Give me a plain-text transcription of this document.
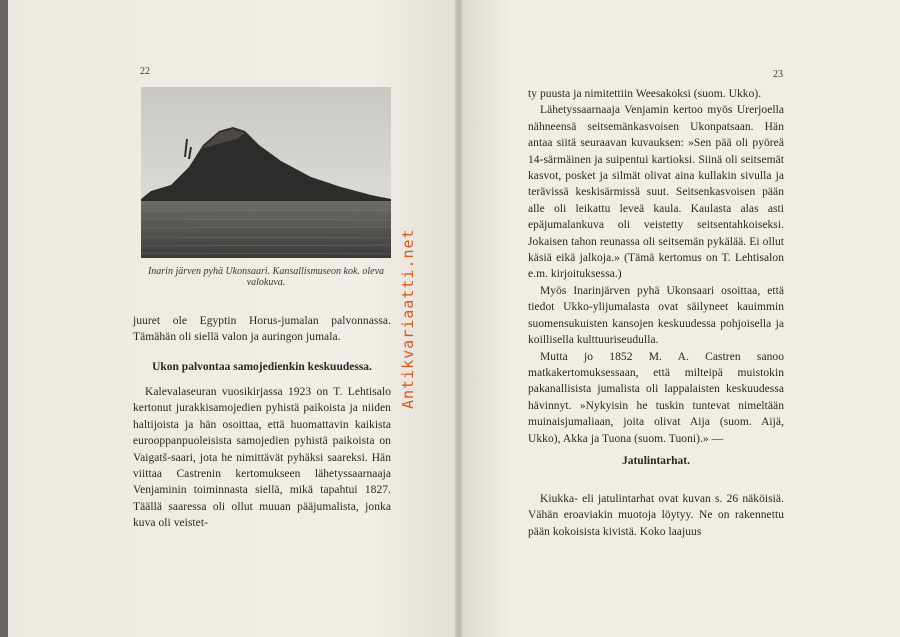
22	23
Inarin järven pyhä Ukonsaari. Kansallismuseon kok. oleva valokuva.

juuret ole Egyptin Horus-jumalan palvonnassa. Tämähän oli siellä valon ja auringon jumala.

Ukon palvontaa samojedienkin keskuudessa.

Kalevalaseuran vuosikirjassa 1923 on T. Lehtisalo kertonut jurakkisamojedien pyhistä paikoista ja niiden haltijoista ja hän osoittaa, että huomattavin kaikista eurooppanpuoleisista samojedien pyhistä paikoista on Vaigatš-saari, jota he nimittävät pyhäksi saareksi. Hän viittaa Castrenin kertomukseen lähetyssaarnaaja Venjaminin toiminnasta siellä, mikä tapahtui 1827. Täällä saaressa oli ollut muuan pääjumalista, jonka kuva oli veistet-

ty puusta ja nimitettiin Weesakoksi (suom. Ukko).

Lähetyssaarnaaja Venjamin kertoo myös Urerjoella nähneensä seitsemänkasvoisen Ukonpatsaan. Hän antaa siitä seuraavan kuvauksen: »Sen pää oli pyöreä 14-särmäinen ja suipentui kartioksi. Siinä oli seitsemät kasvot, posket ja silmät olivat aina kullakin sivulla ja terävissä keskisärmissä suut. Seitsenkasvoisen pään alle oli leikattu leveä kaula. Kaulasta alas asti epäjumalankuva oli veistetty seitsentahkoiseksi. Jokaisen tahon reunassa oli seitsemän pykälää. Ei ollut käsiä eikä jalkoja.» (Tämä kertomus on T. Lehtisalon e.m. kirjoituksessa.)

Myös Inarinjärven pyhä Ukonsaari osoittaa, että tiedot Ukko-ylijumalasta ovat säilyneet kauimmin suomensukuisten kansojen keskuudessa pohjoisella ja koillisella kulttuuriseudulla.

Mutta jo 1852 M. A. Castren sanoo matkakertomuksessaan, että milteipä muistokin pakanallisista jumalista oli lappalaisten keskuudessa hävinnyt. »Nykyisin he tuskin tuntevat nimeltään muinaisjumaliaan, joita olivat Aija (suom. Aijä, Ukko), Akka ja Tuona (suom. Tuoni).» —

Jatulintarhat.

Kiukka- eli jatulintarhat ovat kuvan s. 26 näköisiä. Vähän eroaviakin muotoja löytyy. Ne on rakennettu pään kokoisista kivistä. Koko laajuus

Antikvariaatti.net
